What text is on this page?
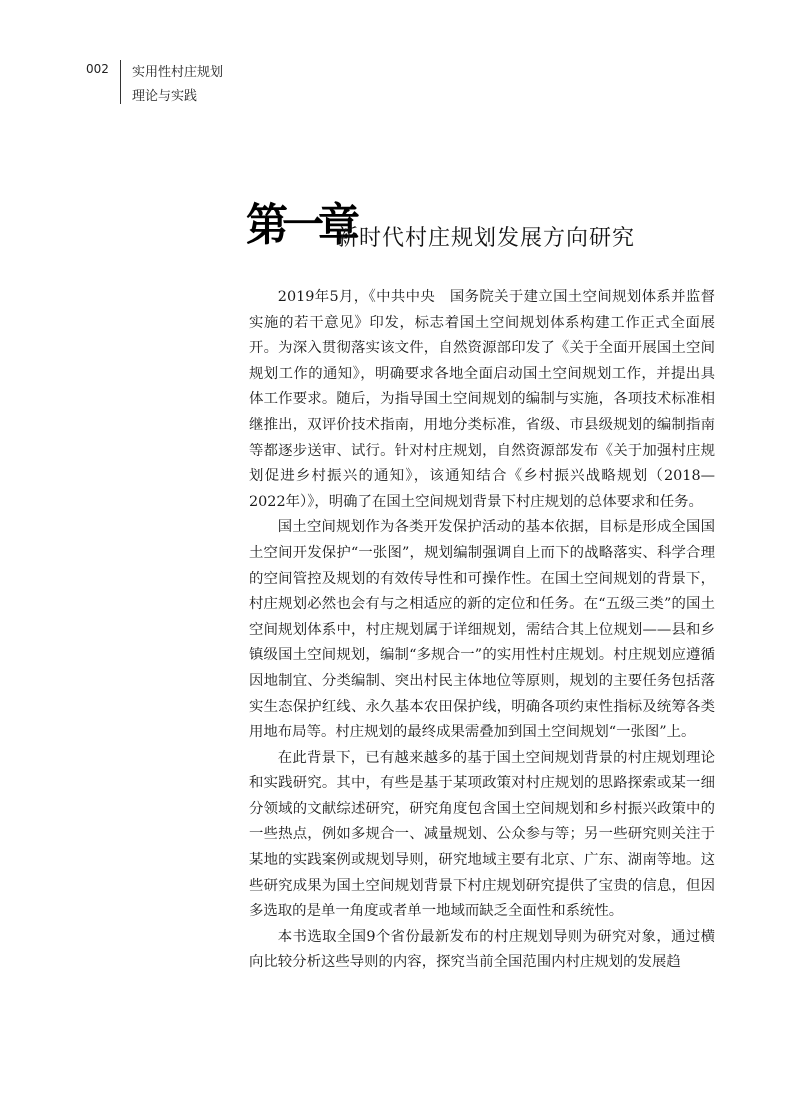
002 实用性村庄规划
理论与实践
第一章
新时代村庄规划发展方向研究

2019年5月，《中共中央　国务院关于建立国土空间规划体系并监督实施的若干意见》印发，标志着国土空间规划体系构建工作正式全面展开。为深入贯彻落实该文件，自然资源部印发了《关于全面开展国土空间规划工作的通知》，明确要求各地全面启动国土空间规划工作，并提出具体工作要求。随后，为指导国土空间规划的编制与实施，各项技术标准相继推出，双评价技术指南，用地分类标准，省级、市县级规划的编制指南等都逐步送审、试行。针对村庄规划，自然资源部发布《关于加强村庄规划促进乡村振兴的通知》，该通知结合《乡村振兴战略规划（2018—2022年）》，明确了在国土空间规划背景下村庄规划的总体要求和任务。

国土空间规划作为各类开发保护活动的基本依据，目标是形成全国国土空间开发保护“一张图”，规划编制强调自上而下的战略落实、科学合理的空间管控及规划的有效传导性和可操作性。在国土空间规划的背景下，村庄规划必然也会有与之相适应的新的定位和任务。在“五级三类”的国土空间规划体系中，村庄规划属于详细规划，需结合其上位规划——县和乡镇级国土空间规划，编制“多规合一”的实用性村庄规划。村庄规划应遵循因地制宜、分类编制、突出村民主体地位等原则，规划的主要任务包括落实生态保护红线、永久基本农田保护线，明确各项约束性指标及统筹各类用地布局等。村庄规划的最终成果需叠加到国土空间规划“一张图”上。

在此背景下，已有越来越多的基于国土空间规划背景的村庄规划理论和实践研究。其中，有些是基于某项政策对村庄规划的思路探索或某一细分领域的文献综述研究，研究角度包含国土空间规划和乡村振兴政策中的一些热点，例如多规合一、减量规划、公众参与等；另一些研究则关注于某地的实践案例或规划导则，研究地域主要有北京、广东、湖南等地。这些研究成果为国土空间规划背景下村庄规划研究提供了宝贵的信息，但因多选取的是单一角度或者单一地域而缺乏全面性和系统性。

本书选取全国9个省份最新发布的村庄规划导则为研究对象，通过横向比较分析这些导则的内容，探究当前全国范围内村庄规划的发展趋
